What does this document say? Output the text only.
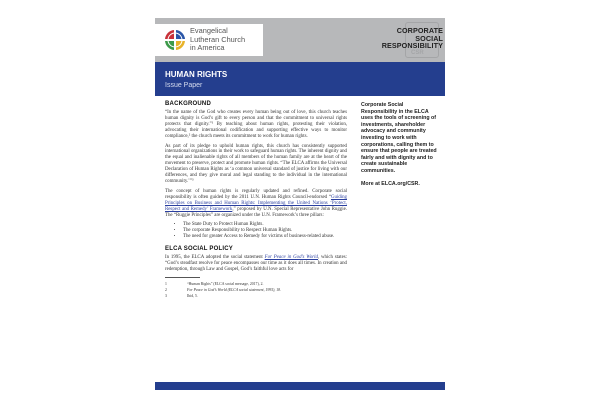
Evangelical
Lutheran Church
in America
CSR
CORPORATE
SOCIAL
RESPONSIBILITY
HUMAN RIGHTS
Issue Paper
BACKGROUND

“In the name of the God who creates every human being out of love, this church teaches human dignity is God’s gift to every person and that the commitment to universal rights protects that dignity.”¹ By teaching about human rights, protesting their violation, advocating their international codification and supporting effective ways to monitor compliance,² the church meets its commitment to work for human rights.

As part of its pledge to uphold human rights, this church has consistently supported international organizations in their work to safeguard human rights. The inherent dignity and the equal and inalienable rights of all members of the human family are at the heart of the movement to preserve, protect and promote human rights. “The ELCA affirms the Universal Declaration of Human Rights as ‘a common universal standard of justice for living with our differences, and they give moral and legal standing to the individual in the international community.’”³

The concept of human rights is regularly updated and refined. Corporate social responsibility is often guided by the 2011 U.N. Human Rights Council-endorsed “Guiding Principles on Business and Human Rights: Implementing the United Nations ‘Protect, Respect and Remedy’ Framework,” proposed by U.N. Special Representative John Ruggie. The “Ruggie Principles” are organized under the U.N. Framework’s three pillars:

• The State Duty to Protect Human Rights.
• The corporate Responsibility to Respect Human Rights.
• The need for greater Access to Remedy for victims of business-related abuse.
ELCA SOCIAL POLICY

In 1995, the ELCA adopted the social statement For Peace in God’s World, which states: “God’s steadfast resolve for peace encompasses our time as it does all times. In creation and redemption, through Law and Gospel, God’s faithful love acts for

1	“Human Rights” (ELCA social message, 2017), 2.
2	For Peace in God’s World (ELCA social statement, 1995), 18.
3	Ibid, 5.
Corporate Social Responsibility in the ELCA uses the tools of screening of investments, shareholder advocacy and community investing to work with corporations, calling them to ensure that people are treated fairly and with dignity and to create sustainable communities.
More at ELCA.org/CSR.
